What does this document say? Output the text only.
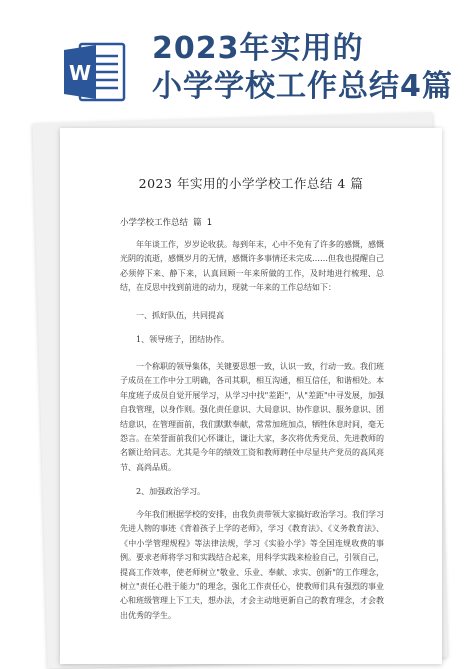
W
2023年实用的
小学学校工作总结4篇
2023 年实用的小学学校工作总结 4 篇
小学学校工作总结 篇 1

年年谈工作，岁岁论收获。每到年末，心中不免有了许多的感慨，感慨光阴的流逝，感慨岁月的无情，感慨许多事情还未完成……但我也提醒自己必须停下来、静下来，认真回顾一年来所做的工作，及时地进行梳理、总结，在反思中找到前进的动力，现就一年来的工作总结如下：

一、抓好队伍，共同提高
1、领导班子，团结协作。

一个称职的领导集体，关键要思想一致，认识一致，行动一致。我们班子成员在工作中分工明确，各司其职，相互沟通，相互信任，和谐相处。本年度班子成员自觉开展学习，从学习中找"差距"，从"差距"中寻发展，加强自我管理，以身作则。强化责任意识、大局意识、协作意识、服务意识、团结意识，在管理面前，我们默默奉献，常常加班加点，牺牲休息时间，毫无怨言。在荣誉面前我们心怀谦让，谦让大家，多次将优秀党员、先进教师的名额让给同志。尤其是今年的绩效工资和教师聘任中尽显共产党员的高风亮节、高尚品质。

2、加强政治学习。

今年我们根据学校的安排，由我负责带领大家搞好政治学习。我们学习先进人物的事迹《背着孩子上学的老师》，学习《教育法》、《义务教育法》、《中小学管理规程》等法律法规，学习《实验小学》等全国连规收费的事例。要求老师将学习和实践结合起来，用科学实践来检验自己，引领自己，提高工作效率，使老师树立"敬业、乐业、奉献、求实、创新"的工作理念，树立"责任心胜于能力"的理念，强化工作责任心，使教师们具有强烈的事业心和班级管理上下工夫，想办法，才会主动地更新自己的教育理念，才会教出优秀的学生。
